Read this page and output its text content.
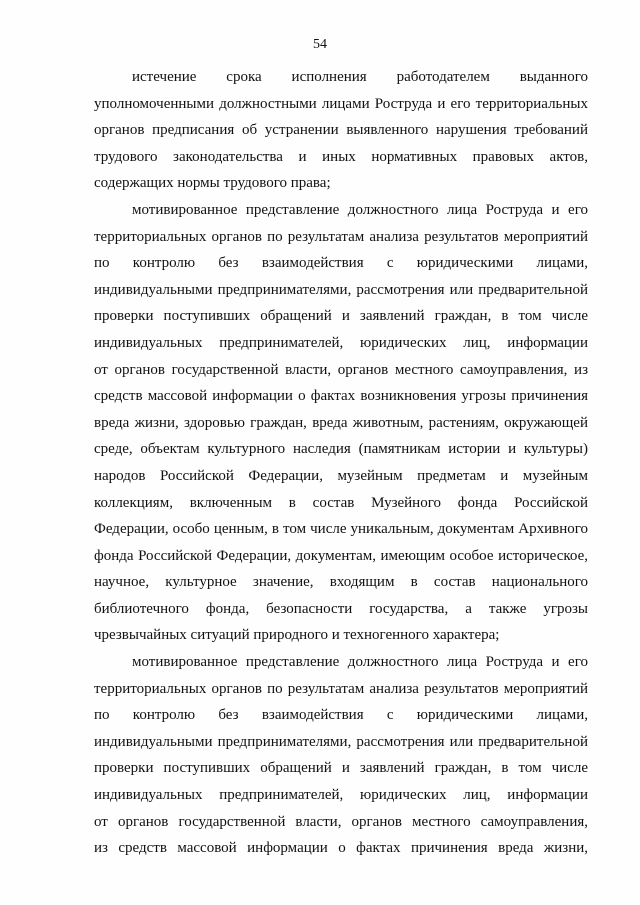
54

истечение срока исполнения работодателем выданного
уполномоченными должностными лицами Роструда и его территориальных
органов предписания об устранении выявленного нарушения требований
трудового законодательства и иных нормативных правовых актов,
содержащих нормы трудового права;

мотивированное представление должностного лица Роструда и его
территориальных органов по результатам анализа результатов мероприятий
по контролю без взаимодействия с юридическими лицами,
индивидуальными предпринимателями, рассмотрения или предварительной
проверки поступивших обращений и заявлений граждан, в том числе
индивидуальных предпринимателей, юридических лиц, информации
от органов государственной власти, органов местного самоуправления, из
средств массовой информации о фактах возникновения угрозы причинения
вреда жизни, здоровью граждан, вреда животным, растениям, окружающей
среде, объектам культурного наследия (памятникам истории и культуры)
народов Российской Федерации, музейным предметам и музейным
коллекциям, включенным в состав Музейного фонда Российской
Федерации, особо ценным, в том числе уникальным, документам Архивного
фонда Российской Федерации, документам, имеющим особое историческое,
научное, культурное значение, входящим в состав национального
библиотечного фонда, безопасности государства, а также угрозы
чрезвычайных ситуаций природного и техногенного характера;

мотивированное представление должностного лица Роструда и его
территориальных органов по результатам анализа результатов мероприятий
по контролю без взаимодействия с юридическими лицами,
индивидуальными предпринимателями, рассмотрения или предварительной
проверки поступивших обращений и заявлений граждан, в том числе
индивидуальных предпринимателей, юридических лиц, информации
от органов государственной власти, органов местного самоуправления,
из средств массовой информации о фактах причинения вреда жизни,
